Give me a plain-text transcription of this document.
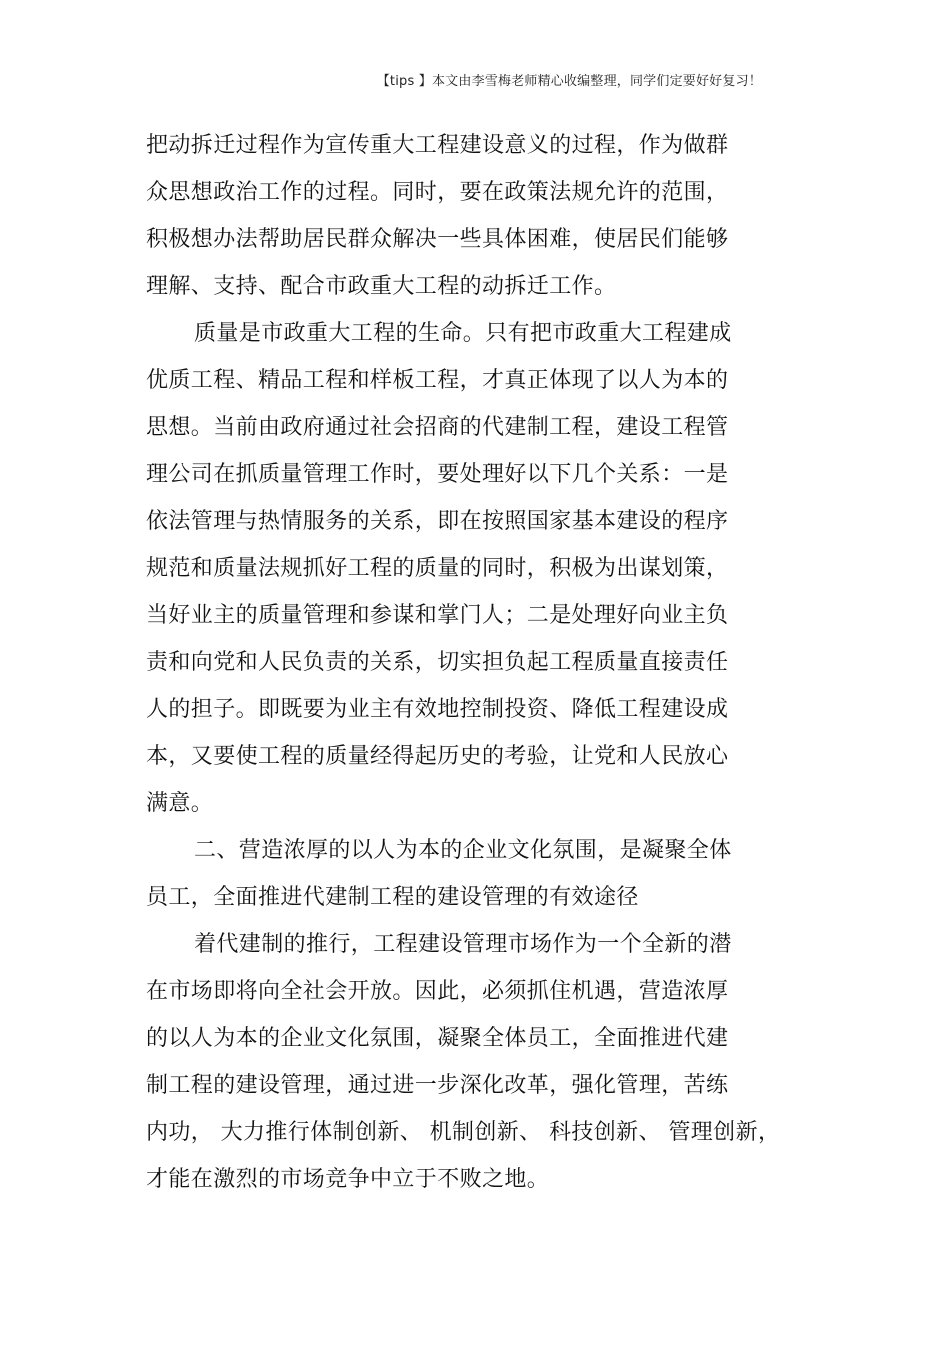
【tips 】本文由李雪梅老师精心收编整理，同学们定要好好复习！
把动拆迁过程作为宣传重大工程建设意义的过程，作为做群
众思想政治工作的过程。同时，要在政策法规允许的范围，
积极想办法帮助居民群众解决一些具体困难，使居民们能够
理解、支持、配合市政重大工程的动拆迁工作。
质量是市政重大工程的生命。只有把市政重大工程建成
优质工程、精品工程和样板工程，才真正体现了以人为本的
思想。当前由政府通过社会招商的代建制工程，建设工程管
理公司在抓质量管理工作时，要处理好以下几个关系：一是
依法管理与热情服务的关系，即在按照国家基本建设的程序
规范和质量法规抓好工程的质量的同时，积极为出谋划策，
当好业主的质量管理和参谋和掌门人；二是处理好向业主负
责和向党和人民负责的关系，切实担负起工程质量直接责任
人的担子。即既要为业主有效地控制投资、降低工程建设成
本，又要使工程的质量经得起历史的考验，让党和人民放心
满意。
二、营造浓厚的以人为本的企业文化氛围，是凝聚全体
员工，全面推进代建制工程的建设管理的有效途径
着代建制的推行，工程建设管理市场作为一个全新的潜
在市场即将向全社会开放。因此，必须抓住机遇，营造浓厚
的以人为本的企业文化氛围，凝聚全体员工，全面推进代建
制工程的建设管理，通过进一步深化改革，强化管理，苦练
内功， 大力推行体制创新、 机制创新、 科技创新、 管理创新，
才能在激烈的市场竞争中立于不败之地。
